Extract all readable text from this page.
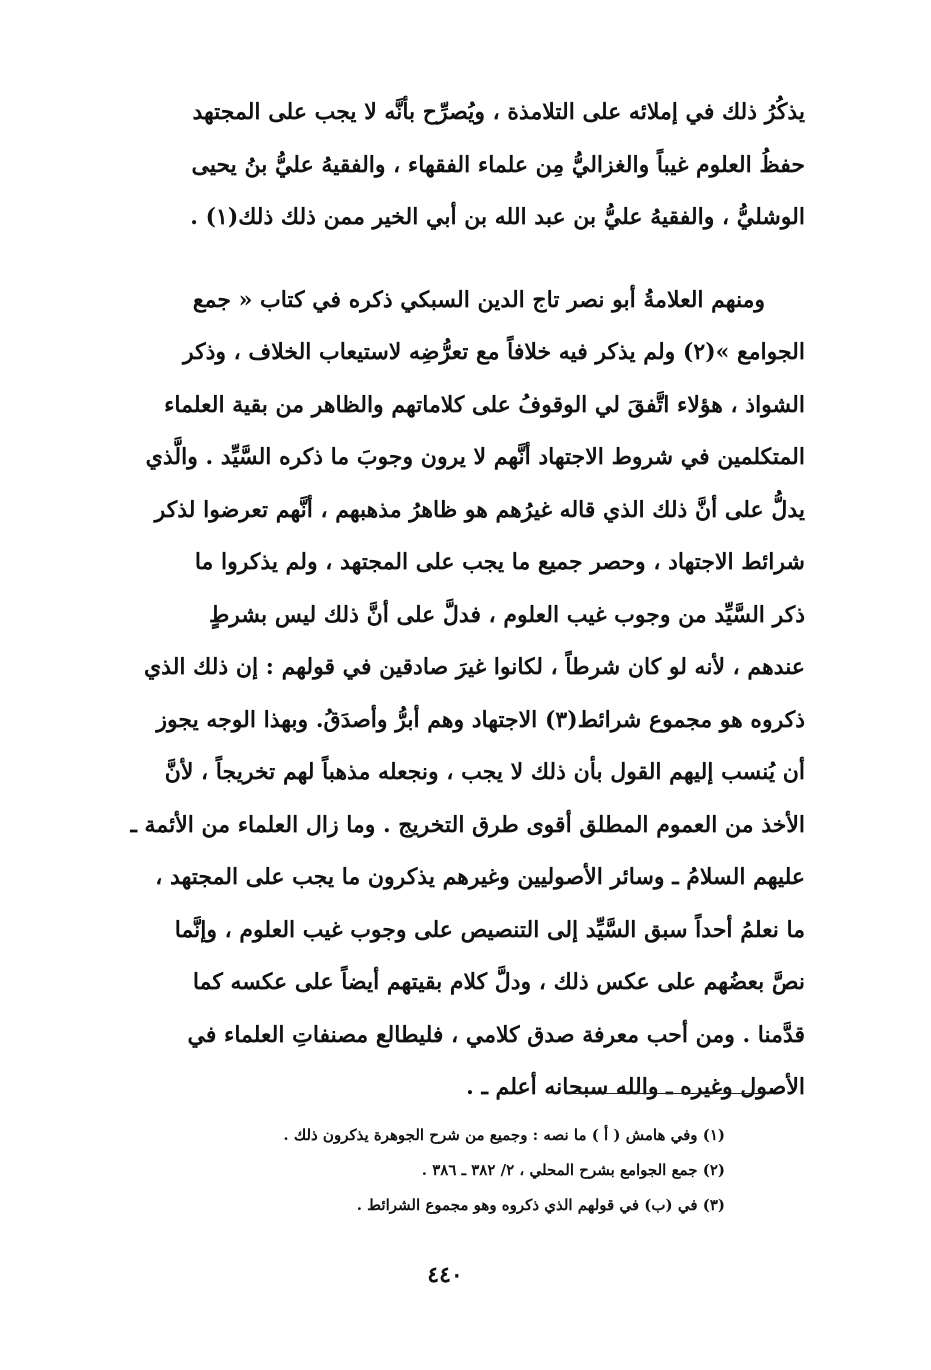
يذكُرُ ذلك في إملائه على التلامذة ، ويُصرِّح بأنَّه لا يجب على المجتهد
حفظُ العلوم غيباً والغزاليُّ مِن علماء الفقهاء ، والفقيهُ عليُّ بنُ يحيى
الوشليُّ ، والفقيهُ عليُّ بن عبد الله بن أبي الخير ممن ذلك ذلك(١) .
ومنهم العلامةُ أبو نصر تاج الدين السبكي ذكره في كتاب « جمع
الجوامع »(٢) ولم يذكر فيه خلافاً مع تعرُّضِه لاستيعاب الخلاف ، وذكر
الشواذ ، هؤلاء اتَّفقَ لي الوقوفُ على كلاماتهم والظاهر من بقية العلماء
المتكلمين في شروط الاجتهاد أنَّهم لا يرون وجوبَ ما ذكره السَّيِّد . والَّذي
يدلُّ على أنَّ ذلك الذي قاله غيرُهم هو ظاهرُ مذهبهم ، أنَّهم تعرضوا لذكر
شرائط الاجتهاد ، وحصر جميع ما يجب على المجتهد ، ولم يذكروا ما
ذكر السَّيِّد من وجوب غيب العلوم ، فدلَّ على أنَّ ذلك ليس بشرطٍ
عندهم ، لأنه لو كان شرطاً ، لكانوا غيرَ صادقين في قولهم : إن ذلك الذي
ذكروه هو مجموع شرائط(٣) الاجتهاد وهم أبرُّ وأصدَقُ. وبهذا الوجه يجوز
أن يُنسب إليهم القول بأن ذلك لا يجب ، ونجعله مذهباً لهم تخريجاً ، لأنَّ
الأخذ من العموم المطلق أقوى طرق التخريج . وما زال العلماء من الأئمة ـ
عليهم السلامُ ـ وسائر الأصوليين وغيرهم يذكرون ما يجب على المجتهد ،
ما نعلمُ أحداً سبق السَّيِّد إلى التنصيص على وجوب غيب العلوم ، وإنَّما
نصَّ بعضُهم على عكس ذلك ، ودلَّ كلام بقيتهم أيضاً على عكسه كما
قدَّمنا . ومن أحب معرفة صدق كلامي ، فليطالع مصنفاتِ العلماء في
الأصول وغيره ـ والله سبحانه أعلم ـ .
(١) وفي هامش ( أ ) ما نصه : وجميع من شرح الجوهرة يذكرون ذلك .
(٢) جمع الجوامع بشرح المحلي ، ٢/ ٣٨٢ ـ ٣٨٦ .
(٣) في (ب) في قولهم الذي ذكروه وهو مجموع الشرائط .
٤٤٠
